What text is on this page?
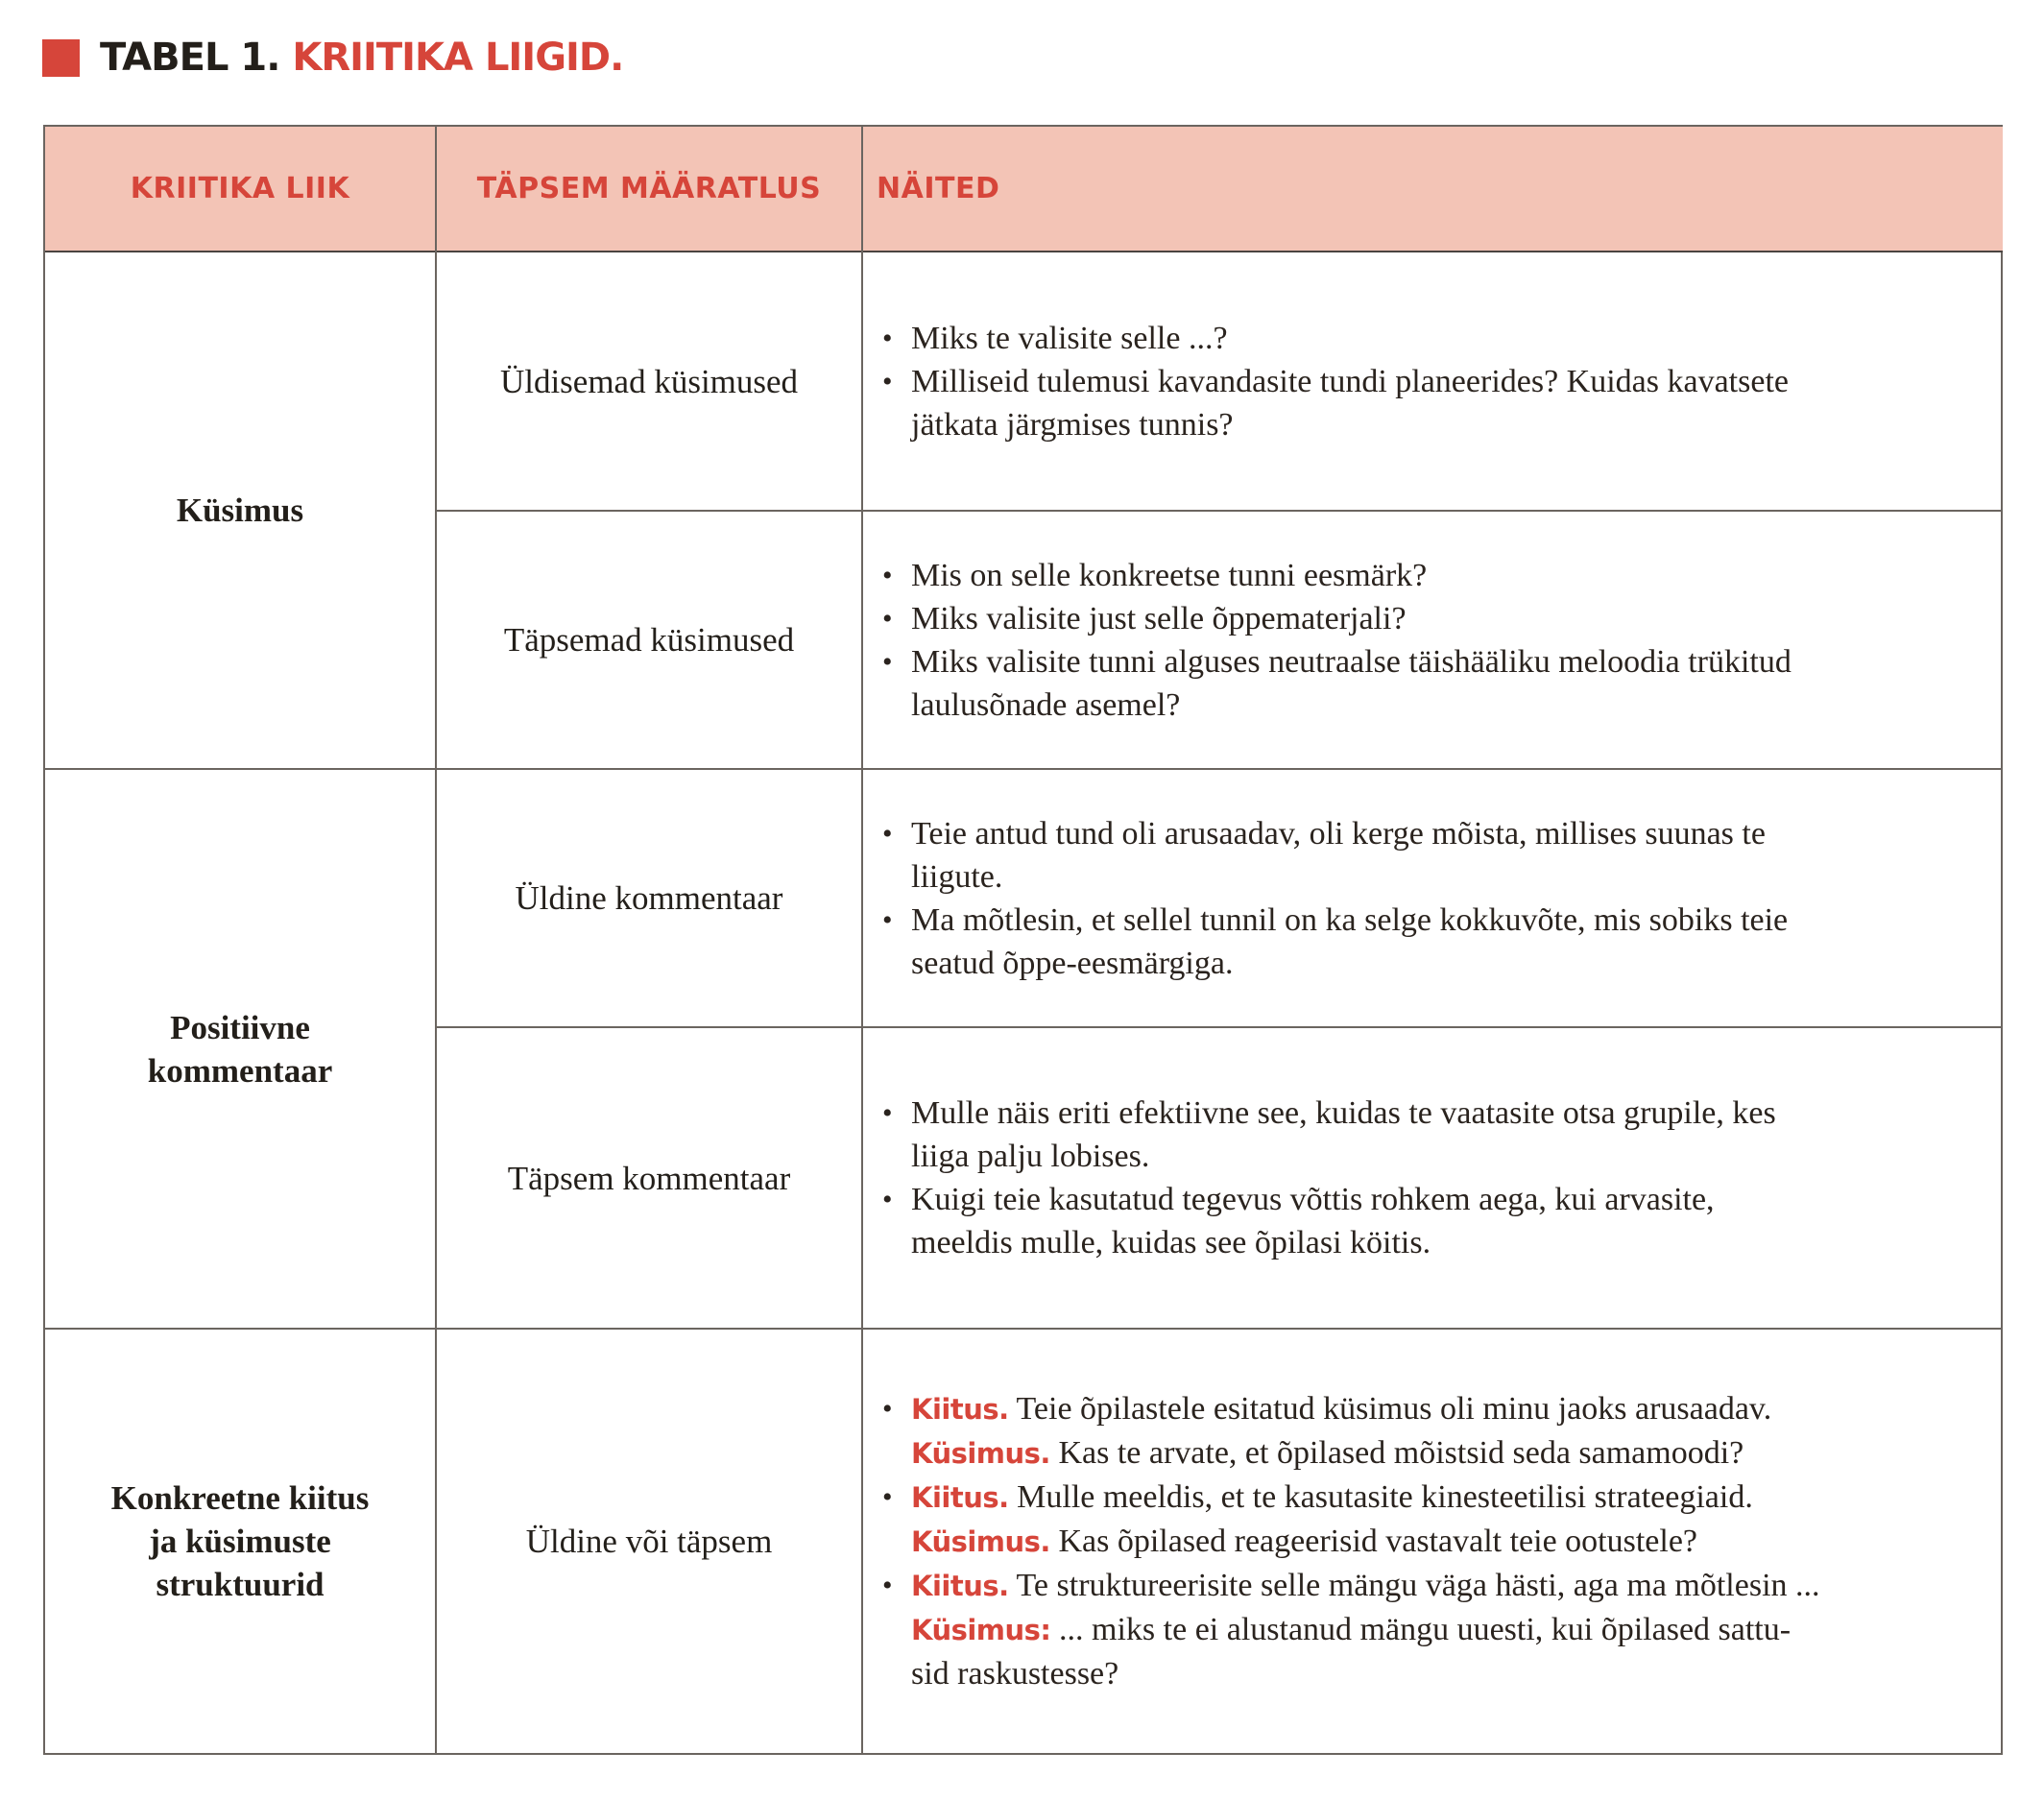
TABEL 1. KRIITIKA LIIGID.
KRIITIKA LIIK	TÄPSEM MÄÄRATLUS NÄITED
Küsimus
Üldisemad küsimused
• Miks te valisite selle ...?
• Milliseid tulemusi kavandasite tundi planeerides? Kuidas kavatsete
jätkata järgmises tunnis?
Täpsemad küsimused
• Mis on selle konkreetse tunni eesmärk?
• Miks valisite just selle õppematerjali?
• Miks valisite tunni alguses neutraalse täishääliku meloodia trükitud
laulusõnade asemel?
Positiivne
kommentaar
Üldine kommentaar
• Teie antud tund oli arusaadav, oli kerge mõista, millises suunas te
liigute.
• Ma mõtlesin, et sellel tunnil on ka selge kokkuvõte, mis sobiks teie
seatud õppe-eesmärgiga.
Täpsem kommentaar
• Mulle näis eriti efektiivne see, kuidas te vaatasite otsa grupile, kes
liiga palju lobises.
• Kuigi teie kasutatud tegevus võttis rohkem aega, kui arvasite,
meeldis mulle, kuidas see õpilasi köitis.
Konkreetne kiitus
ja küsimuste
struktuurid
Üldine või täpsem
• Kiitus. Teie õpilastele esitatud küsimus oli minu jaoks arusaadav.
Küsimus. Kas te arvate, et õpilased mõistsid seda samamoodi?
• Kiitus. Mulle meeldis, et te kasutasite kinesteetilisi strateegiaid.
Küsimus. Kas õpilased reageerisid vastavalt teie ootustele?
• Kiitus. Te struktureerisite selle mängu väga hästi, aga ma mõtlesin ...
Küsimus: ... miks te ei alustanud mängu uuesti, kui õpilased sattu-
sid raskustesse?
